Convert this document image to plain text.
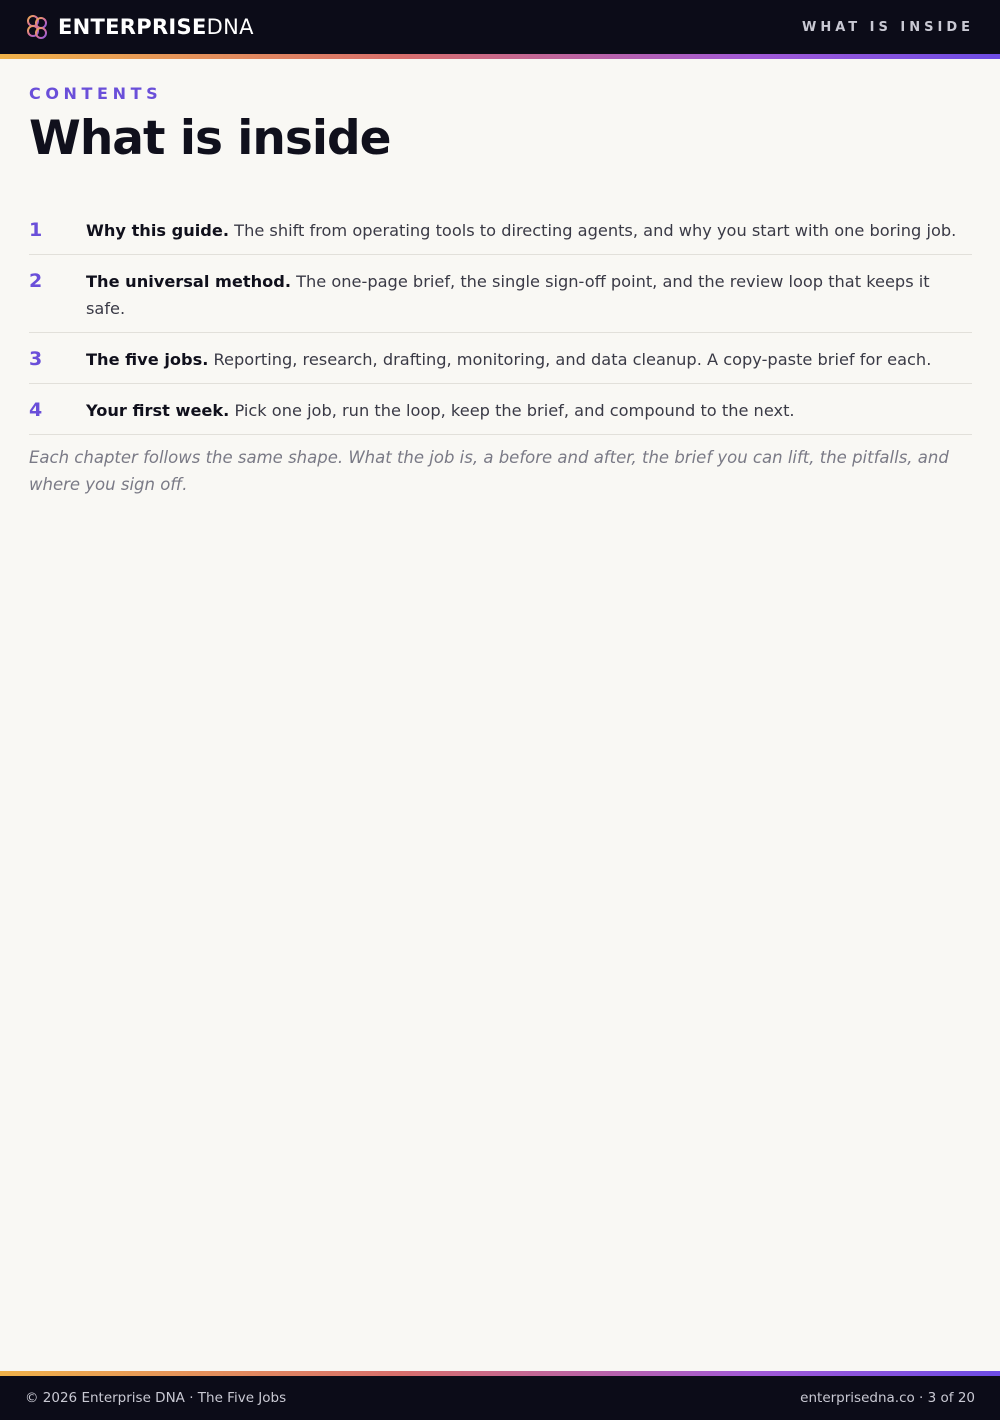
ENTERPRISEDNA	WHAT IS INSIDE
CONTENTS
What is inside
1	Why this guide. The shift from operating tools to directing agents, and why you start with one boring job.
2	The universal method. The one-page brief, the single sign-off point, and the review loop that keeps it safe.
3	The five jobs. Reporting, research, drafting, monitoring, and data cleanup. A copy-paste brief for each.
4	Your first week. Pick one job, run the loop, keep the brief, and compound to the next.

Each chapter follows the same shape. What the job is, a before and after, the brief you can lift, the pitfalls, and where you sign off.

© 2026 Enterprise DNA · The Five Jobs	enterprisedna.co · 3 of 20
